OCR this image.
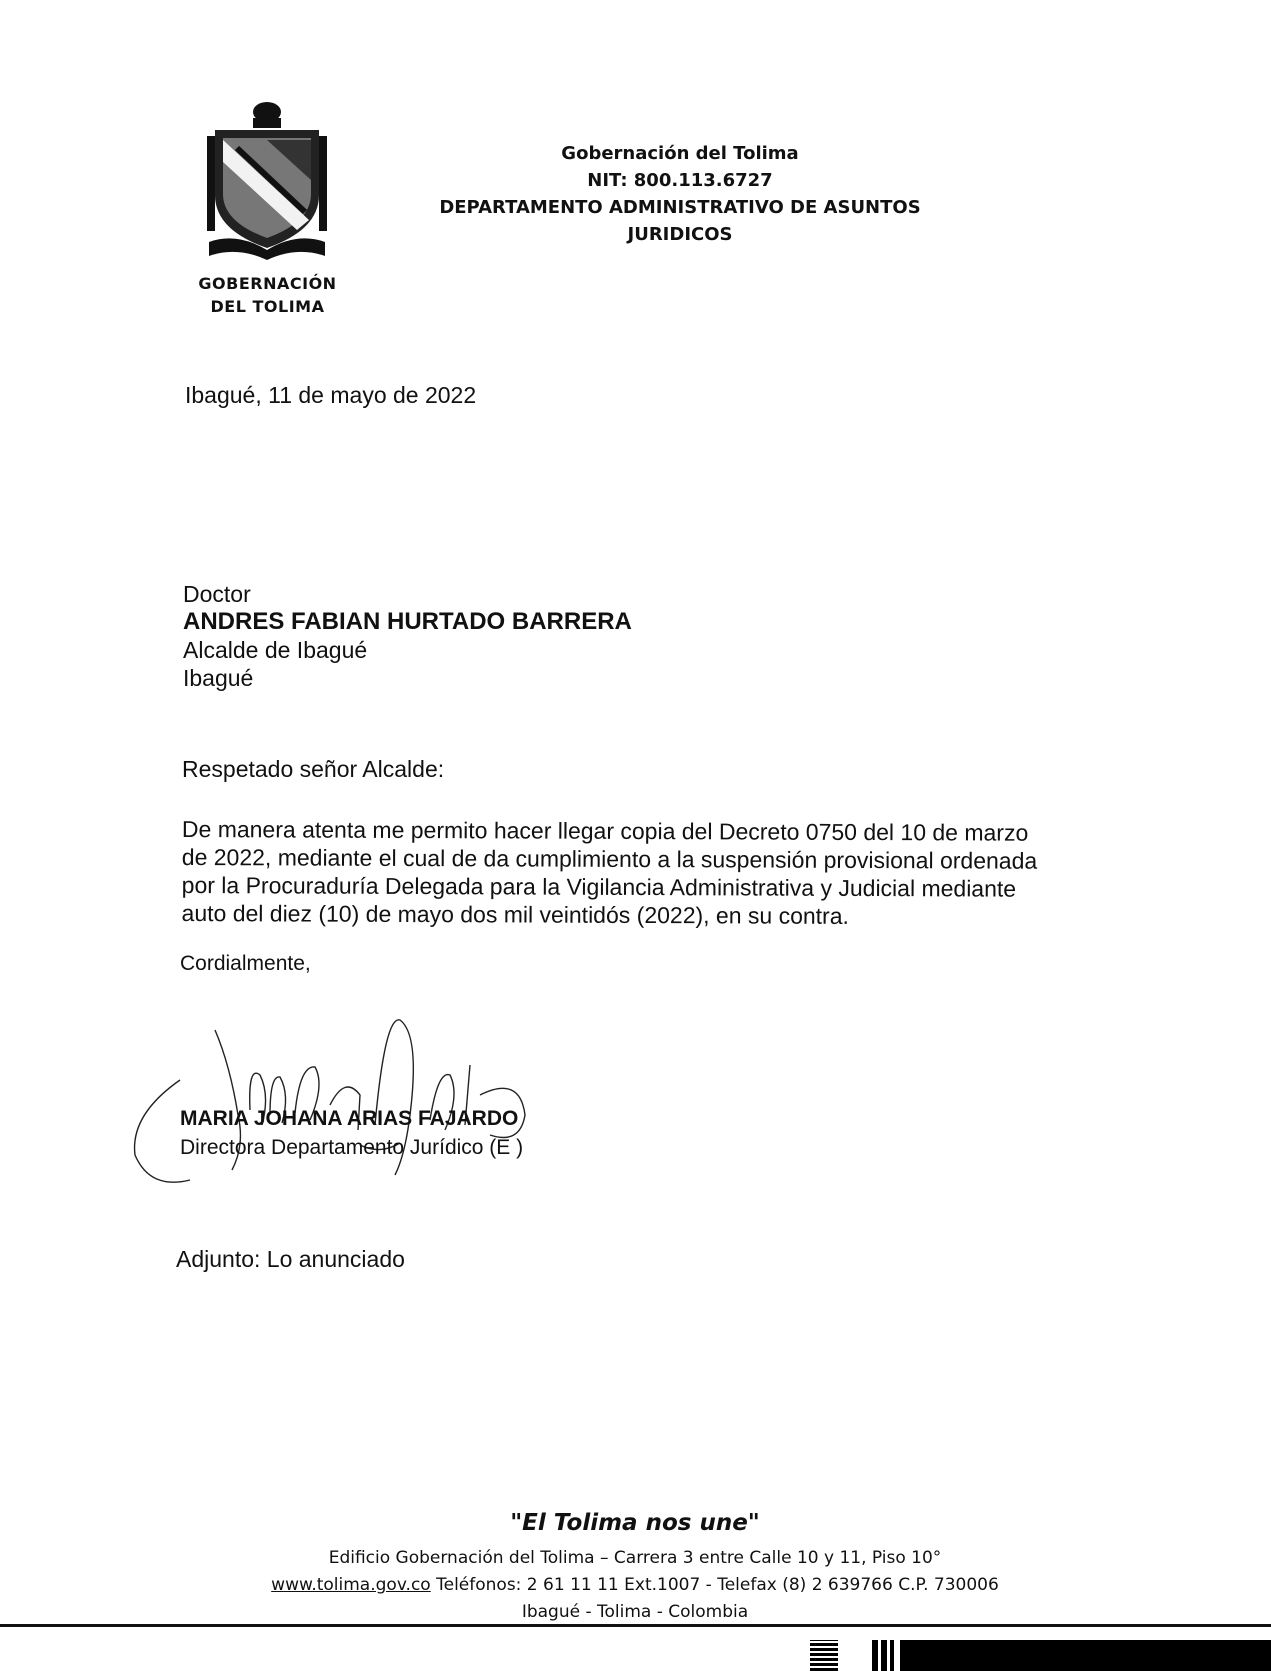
GOBERNACIÓN
DEL TOLIMA
Gobernación del Tolima
NIT: 800.113.6727
DEPARTAMENTO ADMINISTRATIVO DE ASUNTOS
JURIDICOS
Ibagué, 11 de mayo de 2022
Doctor
ANDRES FABIAN HURTADO BARRERA
Alcalde de Ibagué
Ibagué
Respetado señor Alcalde:
De manera atenta me permito hacer llegar copia del Decreto 0750 del 10 de marzo
de 2022, mediante el cual de da cumplimiento a la suspensión provisional ordenada
por la Procuraduría Delegada para la Vigilancia Administrativa y Judicial mediante
auto del diez (10) de mayo dos mil veintidós (2022), en su contra.
Cordialmente,
MARIA JOHANA ARIAS FAJARDO
Directora Departamento Jurídico (E )
Adjunto: Lo anunciado
"El Tolima nos une"
Edificio Gobernación del Tolima – Carrera 3 entre Calle 10 y 11, Piso 10°
www.tolima.gov.co Teléfonos: 2 61 11 11 Ext.1007 - Telefax (8) 2 639766 C.P. 730006
Ibagué - Tolima - Colombia
